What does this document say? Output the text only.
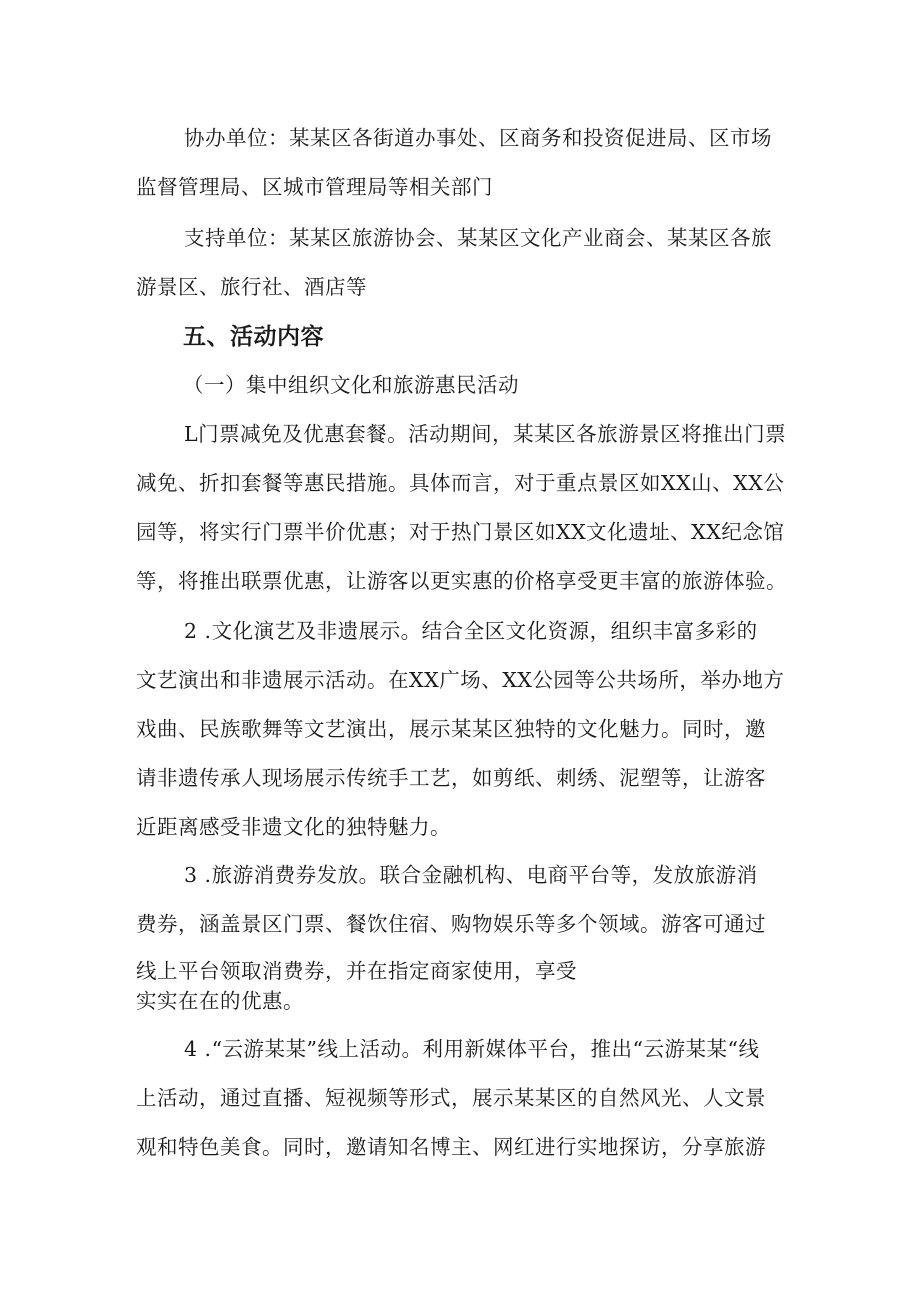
协办单位：某某区各街道办事处、区商务和投资促进局、区市场
监督管理局、区城市管理局等相关部门
支持单位：某某区旅游协会、某某区文化产业商会、某某区各旅
游景区、旅行社、酒店等
五、活动内容
（一）集中组织文化和旅游惠民活动
L门票减免及优惠套餐。活动期间，某某区各旅游景区将推出门票
减免、折扣套餐等惠民措施。具体而言，对于重点景区如XX山、XX公
园等，将实行门票半价优惠；对于热门景区如XX文化遗址、XX纪念馆
等，将推出联票优惠，让游客以更实惠的价格享受更丰富的旅游体验。
2 .文化演艺及非遗展示。结合全区文化资源，组织丰富多彩的
文艺演出和非遗展示活动。在XX广场、XX公园等公共场所，举办地方
戏曲、民族歌舞等文艺演出，展示某某区独特的文化魅力。同时，邀
请非遗传承人现场展示传统手工艺，如剪纸、刺绣、泥塑等，让游客
近距离感受非遗文化的独特魅力。
3 .旅游消费券发放。联合金融机构、电商平台等，发放旅游消
费券，涵盖景区门票、餐饮住宿、购物娱乐等多个领域。游客可通过
线上平台领取消费券，并在指定商家使用，享受
实实在在的优惠。
4 .“云游某某”线上活动。利用新媒体平台，推出“云游某某“线
上活动，通过直播、短视频等形式，展示某某区的自然风光、人文景
观和特色美食。同时，邀请知名博主、网红进行实地探访，分享旅游
